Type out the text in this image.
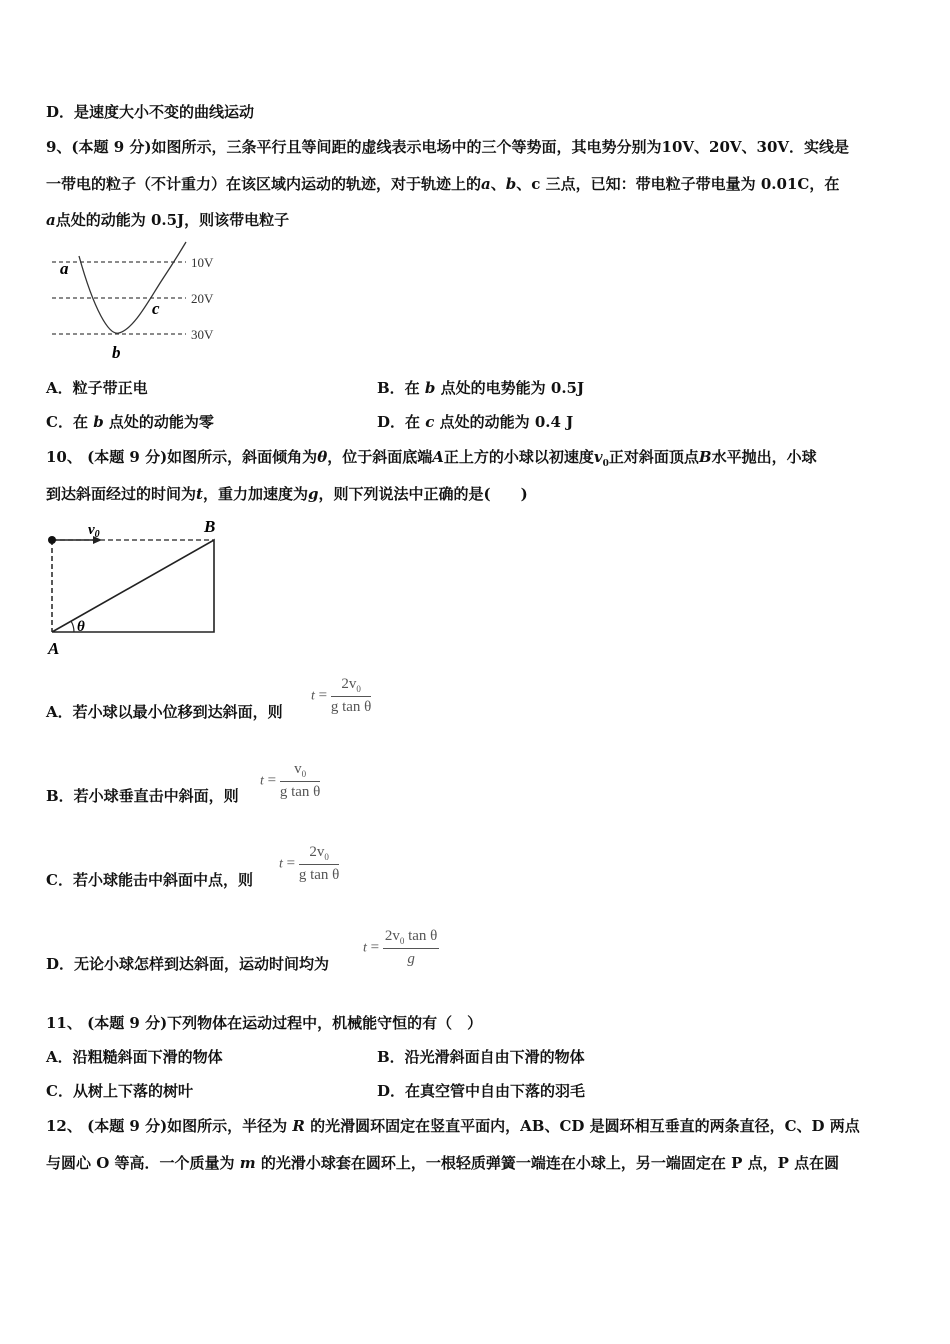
D．是速度大小不变的曲线运动
9、(本题 9 分)如图所示，三条平行且等间距的虚线表示电场中的三个等势面，其电势分别为10V、20V、30V．实线是
一带电的粒子（不计重力）在该区域内运动的轨迹，对于轨迹上的a、b、c 三点，已知：带电粒子带电量为 0.01C，在
a点处的动能为 0.5J，则该带电粒子
a
c
b
10V
20V
30V
A．粒子带正电	B．在 b 点处的电势能为 0.5J
C．在 b 点处的动能为零	D．在 c 点处的动能为 0.4 J
10、 (本题 9 分)如图所示，斜面倾角为θ，位于斜面底端A正上方的小球以初速度$v_0$正对斜面顶点B水平抛出，小球
到达斜面经过的时间为t，重力加速度为g，则下列说法中正确的是(　　)
$v_0$	B
A
θ
A．若小球以最小位移到达斜面，则
$t = \frac{2v_0}{\text{g tan θ}}$
B．若小球垂直击中斜面，则
$t = \frac{v_0}{\text{g tan θ}}$
C．若小球能击中斜面中点，则
$t = \frac{2v_0}{\text{g tan θ}}$
D．无论小球怎样到达斜面，运动时间均为
$t = \frac{2v_0 \tan \theta}{g}$
11、 (本题 9 分)下列物体在运动过程中，机械能守恒的有（　）
A．沿粗糙斜面下滑的物体	B．沿光滑斜面自由下滑的物体
C．从树上下落的树叶	D．在真空管中自由下落的羽毛
12、 (本题 9 分)如图所示，半径为 R 的光滑圆环固定在竖直平面内，AB、CD 是圆环相互垂直的两条直径，C、D 两点
与圆心 O 等高．一个质量为 m 的光滑小球套在圆环上，一根轻质弹簧一端连在小球上，另一端固定在 P 点，P 点在圆
